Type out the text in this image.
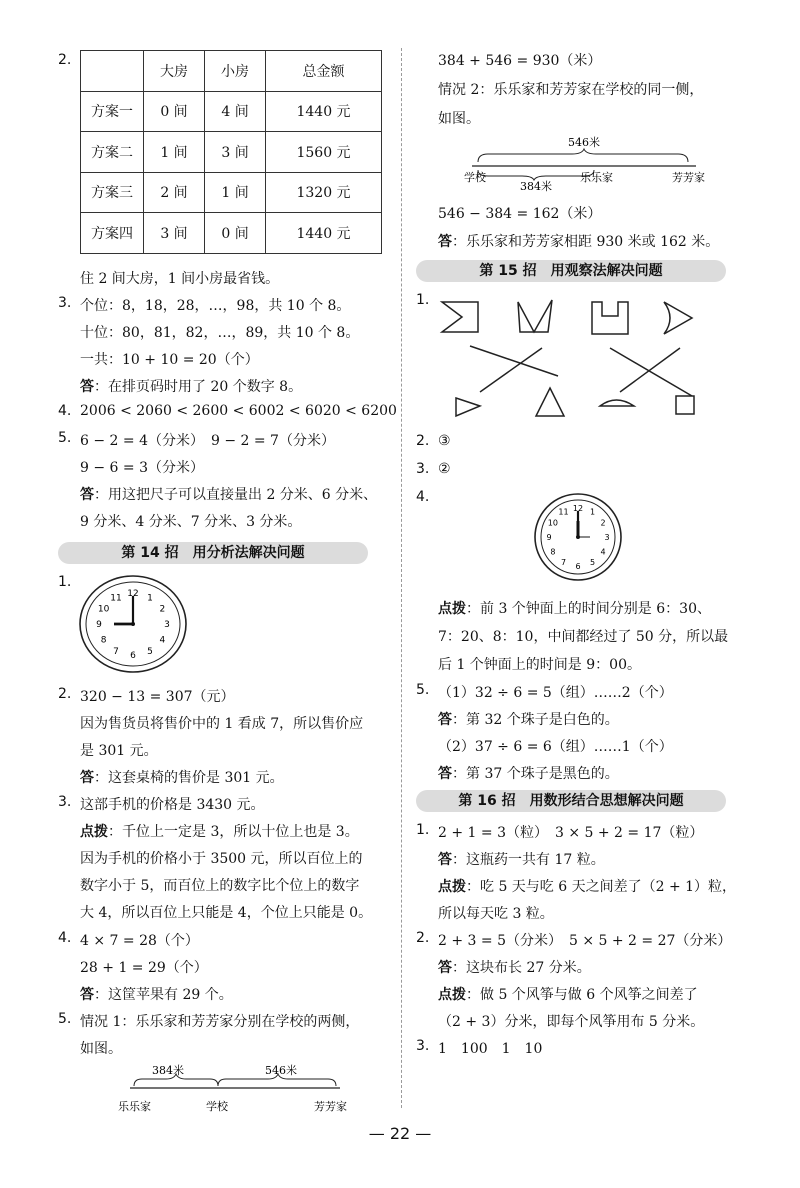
2.
	大房	小房	总金额
方案一	0 间	4 间	1440 元
方案二	1 间	3 间	1560 元
方案三	2 间	1 间	1320 元
方案四	3 间	0 间	1440 元
住 2 间大房，1 间小房最省钱。
3. 个位：8，18，28，…，98，共 10 个 8。
十位：80，81，82，…，89，共 10 个 8。
一共：10 + 10 = 20（个）
答：在排页码时用了 20 个数字 8。
4. 2006 < 2060 < 2600 < 6002 < 6020 < 6200
5. 6 − 2 = 4（分米）　9 − 2 = 7（分米）
9 − 6 = 3（分米）
答：用这把尺子可以直接量出 2 分米、6 分米、
9 分米、4 分米、7 分米、3 分米。
第 14 招　用分析法解决问题
1.
12 1
2
3
4
5
6
7
8
9
10
11
2. 320 − 13 = 307（元）
因为售货员将售价中的 1 看成 7，所以售价应
是 301 元。
答：这套桌椅的售价是 301 元。
3. 这部手机的价格是 3430 元。
点拨：千位上一定是 3，所以十位上也是 3。
因为手机的价格小于 3500 元，所以百位上的
数字小于 5，而百位上的数字比个位上的数字
大 4，所以百位上只能是 4，个位上只能是 0。
4. 4 × 7 = 28（个）
28 + 1 = 29（个）
答：这筐苹果有 29 个。
5. 情况 1：乐乐家和芳芳家分别在学校的两侧，
如图。
384米	546米
乐乐家	学校	芳芳家
384 + 546 = 930（米）
情况 2：乐乐家和芳芳家在学校的同一侧，
如图。
546米
学校
384米
乐乐家	芳芳家
546 − 384 = 162（米）
答：乐乐家和芳芳家相距 930 米或 162 米。
第 15 招　用观察法解决问题
1.
2. ③
3. ②
4.
12 1
2
3
4
5
6
7
8
9
10
11
点拨：前 3 个钟面上的时间分别是 6：30、
7：20、8：10，中间都经过了 50 分，所以最
后 1 个钟面上的时间是 9：00。
5. （1）32 ÷ 6 = 5（组）……2（个）
答：第 32 个珠子是白色的。
（2）37 ÷ 6 = 6（组）……1（个）
答：第 37 个珠子是黑色的。
第 16 招　用数形结合思想解决问题
1. 2 + 1 = 3（粒）　3 × 5 + 2 = 17（粒）
答：这瓶药一共有 17 粒。
点拨：吃 5 天与吃 6 天之间差了（2 + 1）粒，
所以每天吃 3 粒。
2. 2 + 3 = 5（分米）　5 × 5 + 2 = 27（分米）
答：这块布长 27 分米。
点拨：做 5 个风筝与做 6 个风筝之间差了
（2 + 3）分米，即每个风筝用布 5 分米。
3. 1　100　1　10
— 22 —
